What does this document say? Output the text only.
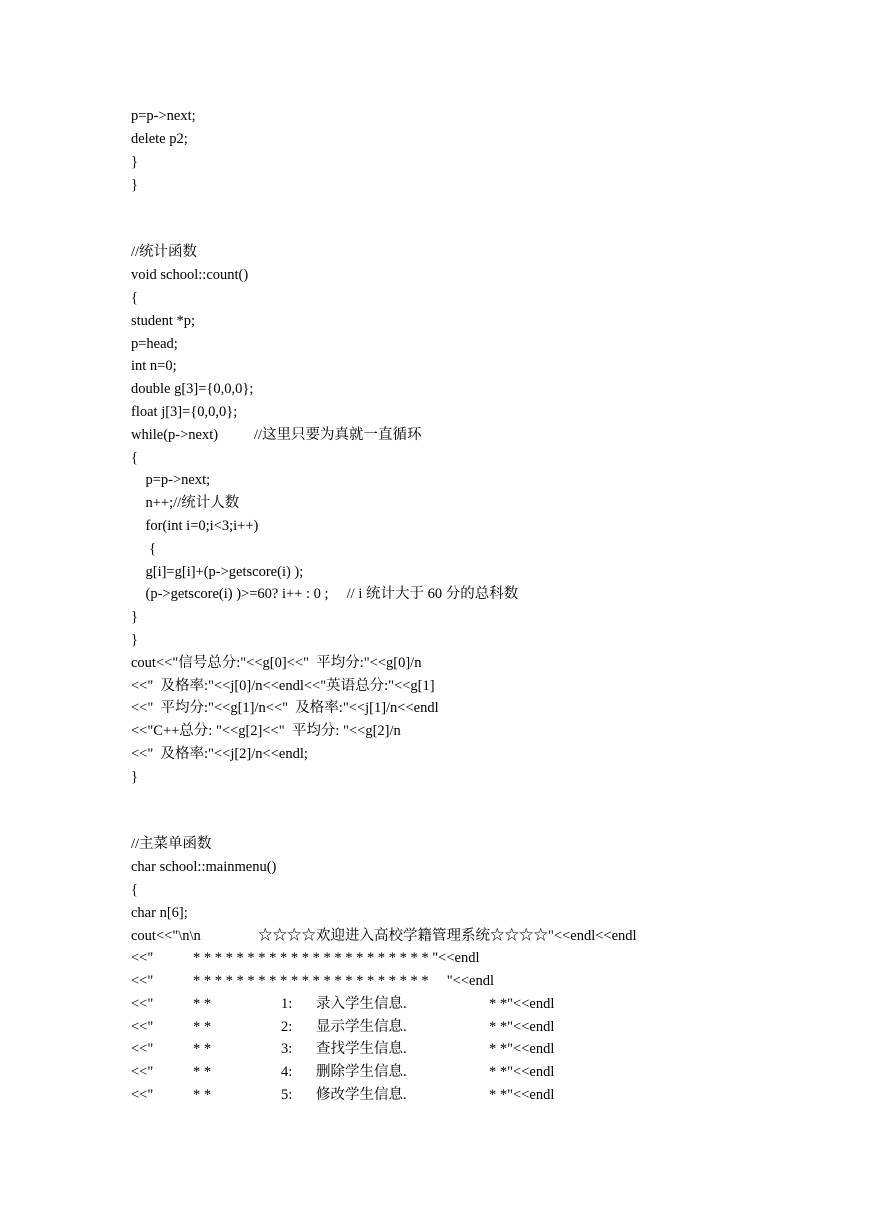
p=p->next;
delete p2;
}
}
//统计函数
void school::count()
{
student *p;
p=head;
int n=0;
double g[3]={0,0,0};
float j[3]={0,0,0};
while(p->next) //这里只要为真就一直循环
{
p=p->next;
n++;//统计人数
for(int i=0;i<3;i++)
{
g[i]=g[i]+(p->getscore(i) );
(p->getscore(i) )>=60? i++ : 0 ;     // i 统计大于 60 分的总科数
}
}
cout<<"信号总分:"<<g[0]<<"  平均分:"<<g[0]/n
<<"  及格率:"<<j[0]/n<<endl<<"英语总分:"<<g[1]
<<"  平均分:"<<g[1]/n<<"  及格率:"<<j[1]/n<<endl
<<"C++总分: "<<g[2]<<"  平均分: "<<g[2]/n
<<"  及格率:"<<j[2]/n<<endl;
}
//主菜单函数
char school::mainmenu()
{
char n[6];
cout<<"\n\n	☆☆☆☆欢迎进入高校学籍管理系统☆☆☆☆"<<endl<<endl
<<"	* * * * * * * * * * * * * * * * * * * * * * "<<endl
<<"	* * * * * * * * * * * * * * * * * * * * * *     "<<endl
<<"	* *	1: 录入学生信息.	* *"<<endl
<<"	* *	2: 显示学生信息.	* *"<<endl
<<"	* *	3: 查找学生信息.	* *"<<endl
<<"	* *	4: 删除学生信息.	* *"<<endl
<<"	* *	5: 修改学生信息.	* *"<<endl
